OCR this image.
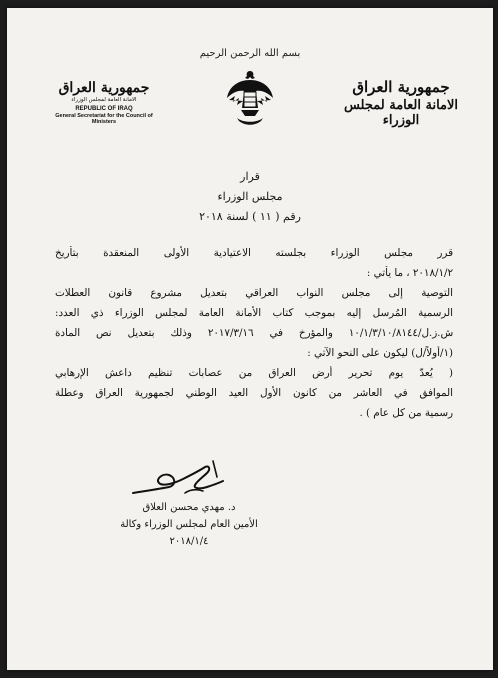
بسم الله الرحمن الرحيم
جمهورية العراق
الامانة العامة لمجلس الوزراء
REPUBLIC OF IRAQ
General Secretariat for the Council of Ministers
جمهورية العراق
الامانة العامة لمجلس الوزراء
قرار
مجلس الوزراء
رقم ( ١١ ) لسنة ٢٠١٨
قرر مجلس الوزراء بجلسته الاعتيادية الأولى المنعقدة بتأريخ
٢٠١٨/١/٢ ، ما يأتي :
التوصية إلى مجلس النواب العراقي بتعديل مشروع قانون العطلات
الرسمية المُرسل إليه بموجب كتاب الأمانة العامة لمجلس الوزراء ذي العدد:
ش.ز.ل/١٠/١/٣/١٠/٨١٤٤ والمؤرخ في ٢٠١٧/٣/١٦ وذلك بتعديل نص المادة
(١/أولاً/ل) ليكون على النحو الآتي :
( يُعدّ يوم تحرير أرض العراق من عصابات تنظيم داعش الإرهابي
الموافق في العاشر من كانون الأول العيد الوطني لجمهورية العراق وعطلة
رسمية من كل عام ) .
د. مهدي محسن العلاق
الأمين العام لمجلس الوزراء وكالة
٢٠١٨/١/٤
